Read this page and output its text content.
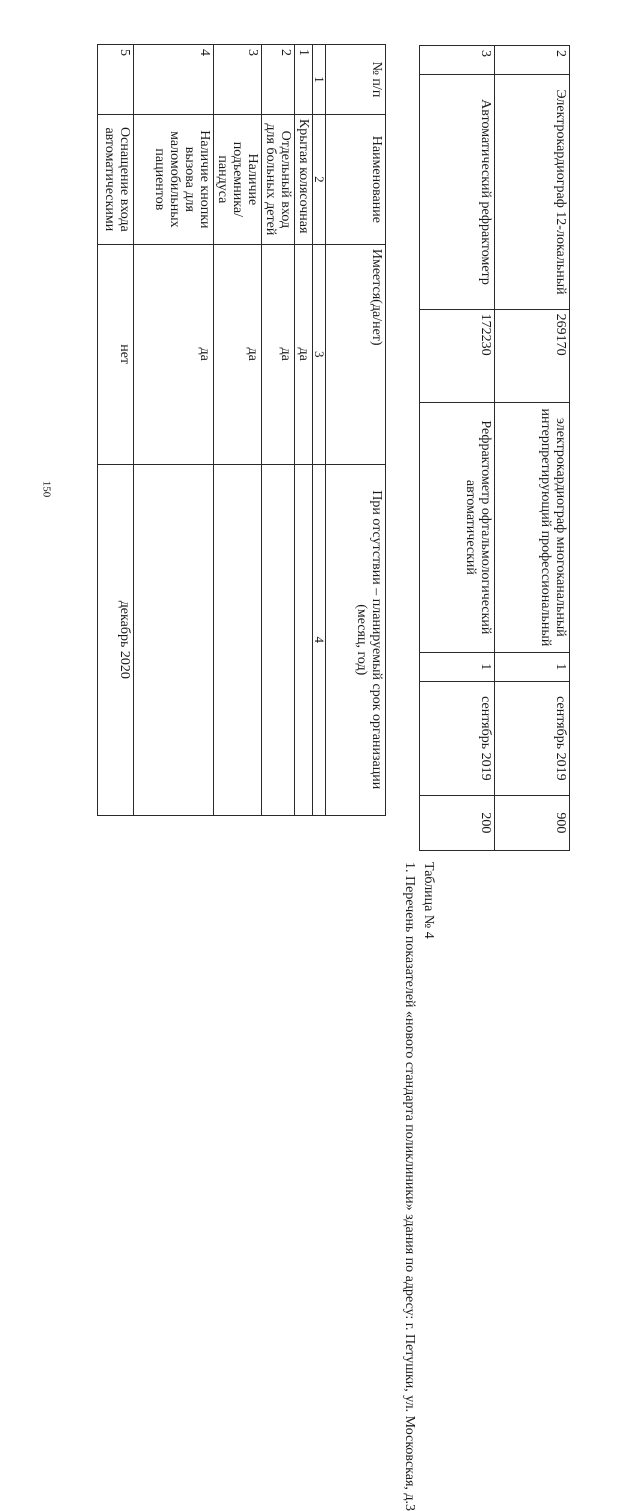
150
2	Электрокардиограф 12-локальный	269170	электрокардиограф многоканальный интерпретирующий профессиональный	1	сентябрь 2019	900
3	Автоматический рефрактометр	172230	Рефрактометр офтальмологический автоматический	1	сентябрь 2019	200
Таблица № 4
1. Перечень показателей «нового стандарта поликлиники» здания по адресу: г. Петушки, ул. Московская, д.3
№ п/п	Наименование	Имеется(да/нет)	При отсутствии – планируемый срок организации (месяц, год)
1	2	3	4
1	Крытая колясочная	да	
2	Отдельный вход для больных детей	да	
3	Наличие подъемника/пандуса	да	
4	Наличие кнопки вызова для маломобильных пациентов	да	
5	Оснащение входа автоматическими	нет	декабрь 2020
